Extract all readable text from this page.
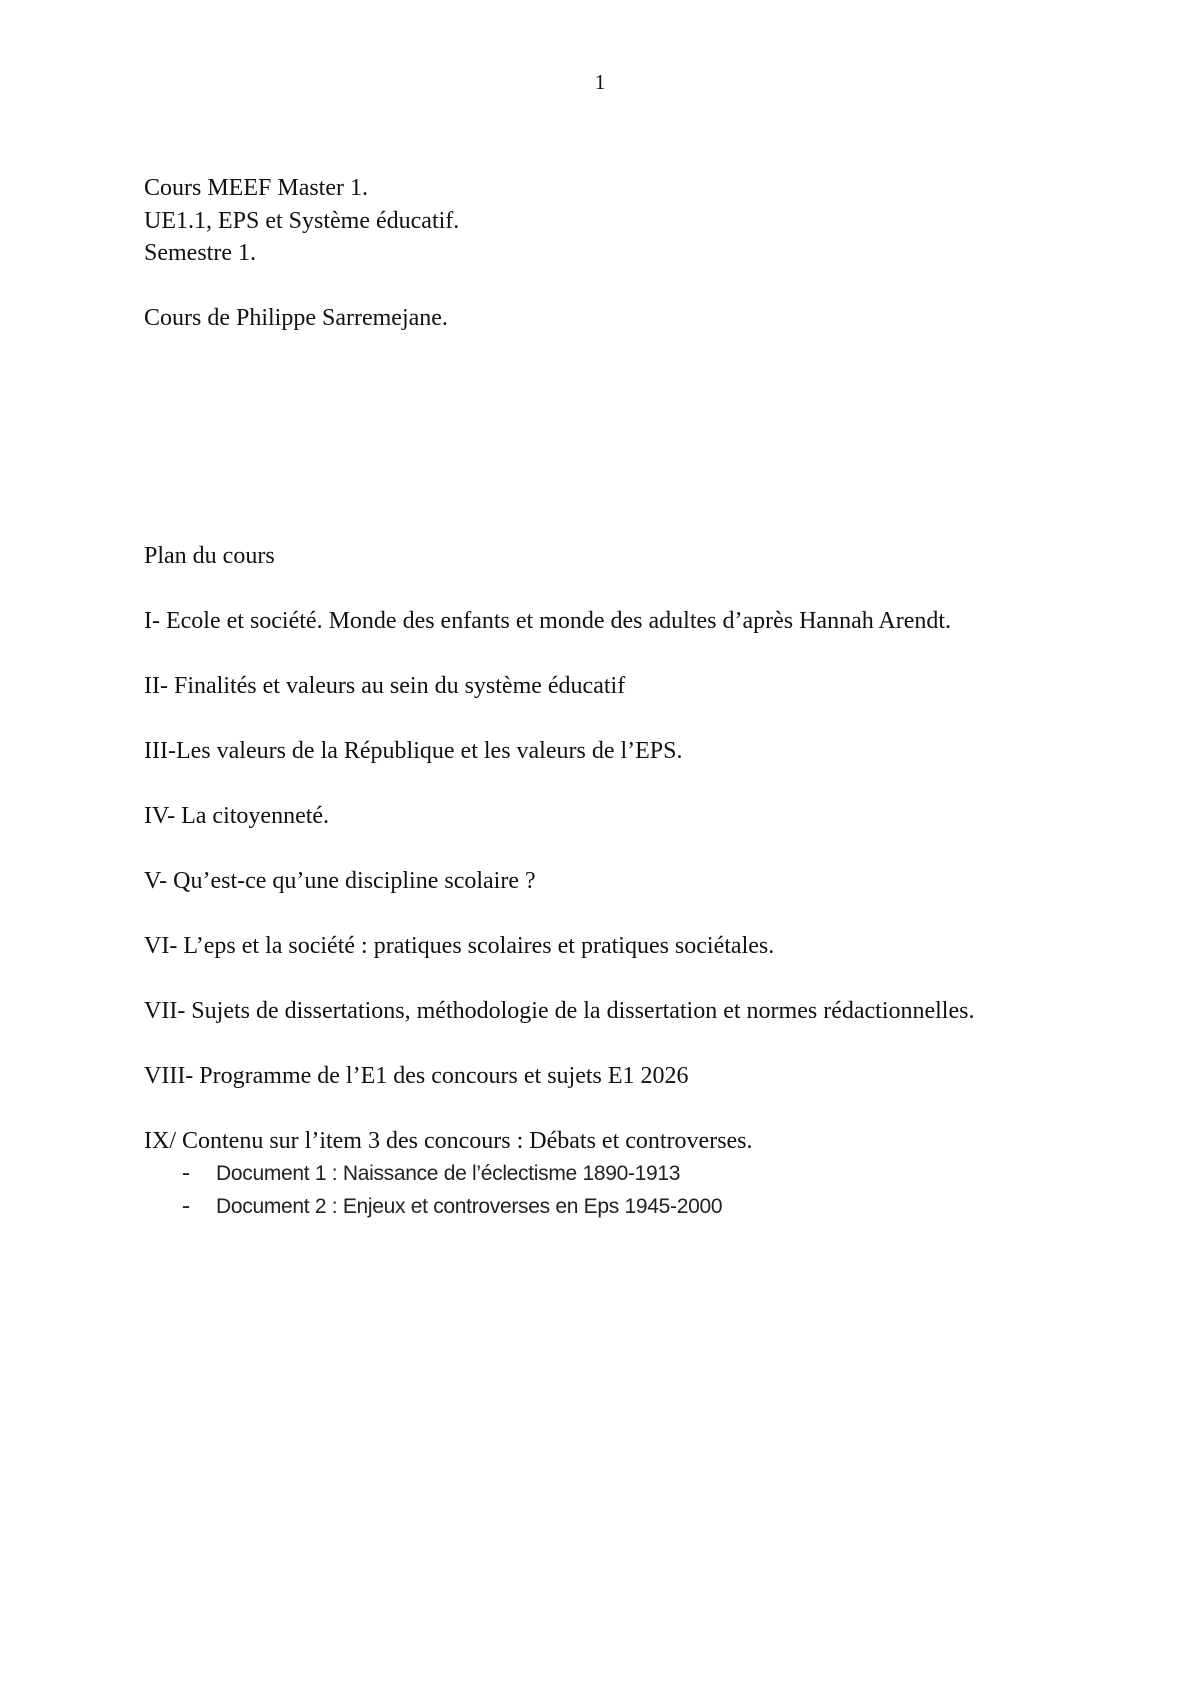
1

Cours MEEF Master 1.

UE1.1, EPS et Système éducatif.

Semestre 1.

Cours de Philippe Sarremejane.

Plan du cours

I- Ecole et société. Monde des enfants et monde des adultes d’après Hannah Arendt.

II- Finalités et valeurs au sein du système éducatif

III-Les valeurs de la République et les valeurs de l’EPS.

IV- La citoyenneté.

V- Qu’est-ce qu’une discipline scolaire ?

VI- L’eps et la société : pratiques scolaires et pratiques sociétales.

VII- Sujets de dissertations, méthodologie de la dissertation et normes rédactionnelles.

VIII- Programme de l’E1 des concours et sujets E1 2026

IX/ Contenu sur l’item 3 des concours : Débats et controverses.

- Document 1 : Naissance de l’éclectisme 1890-1913
- Document 2 : Enjeux et controverses en Eps 1945-2000
